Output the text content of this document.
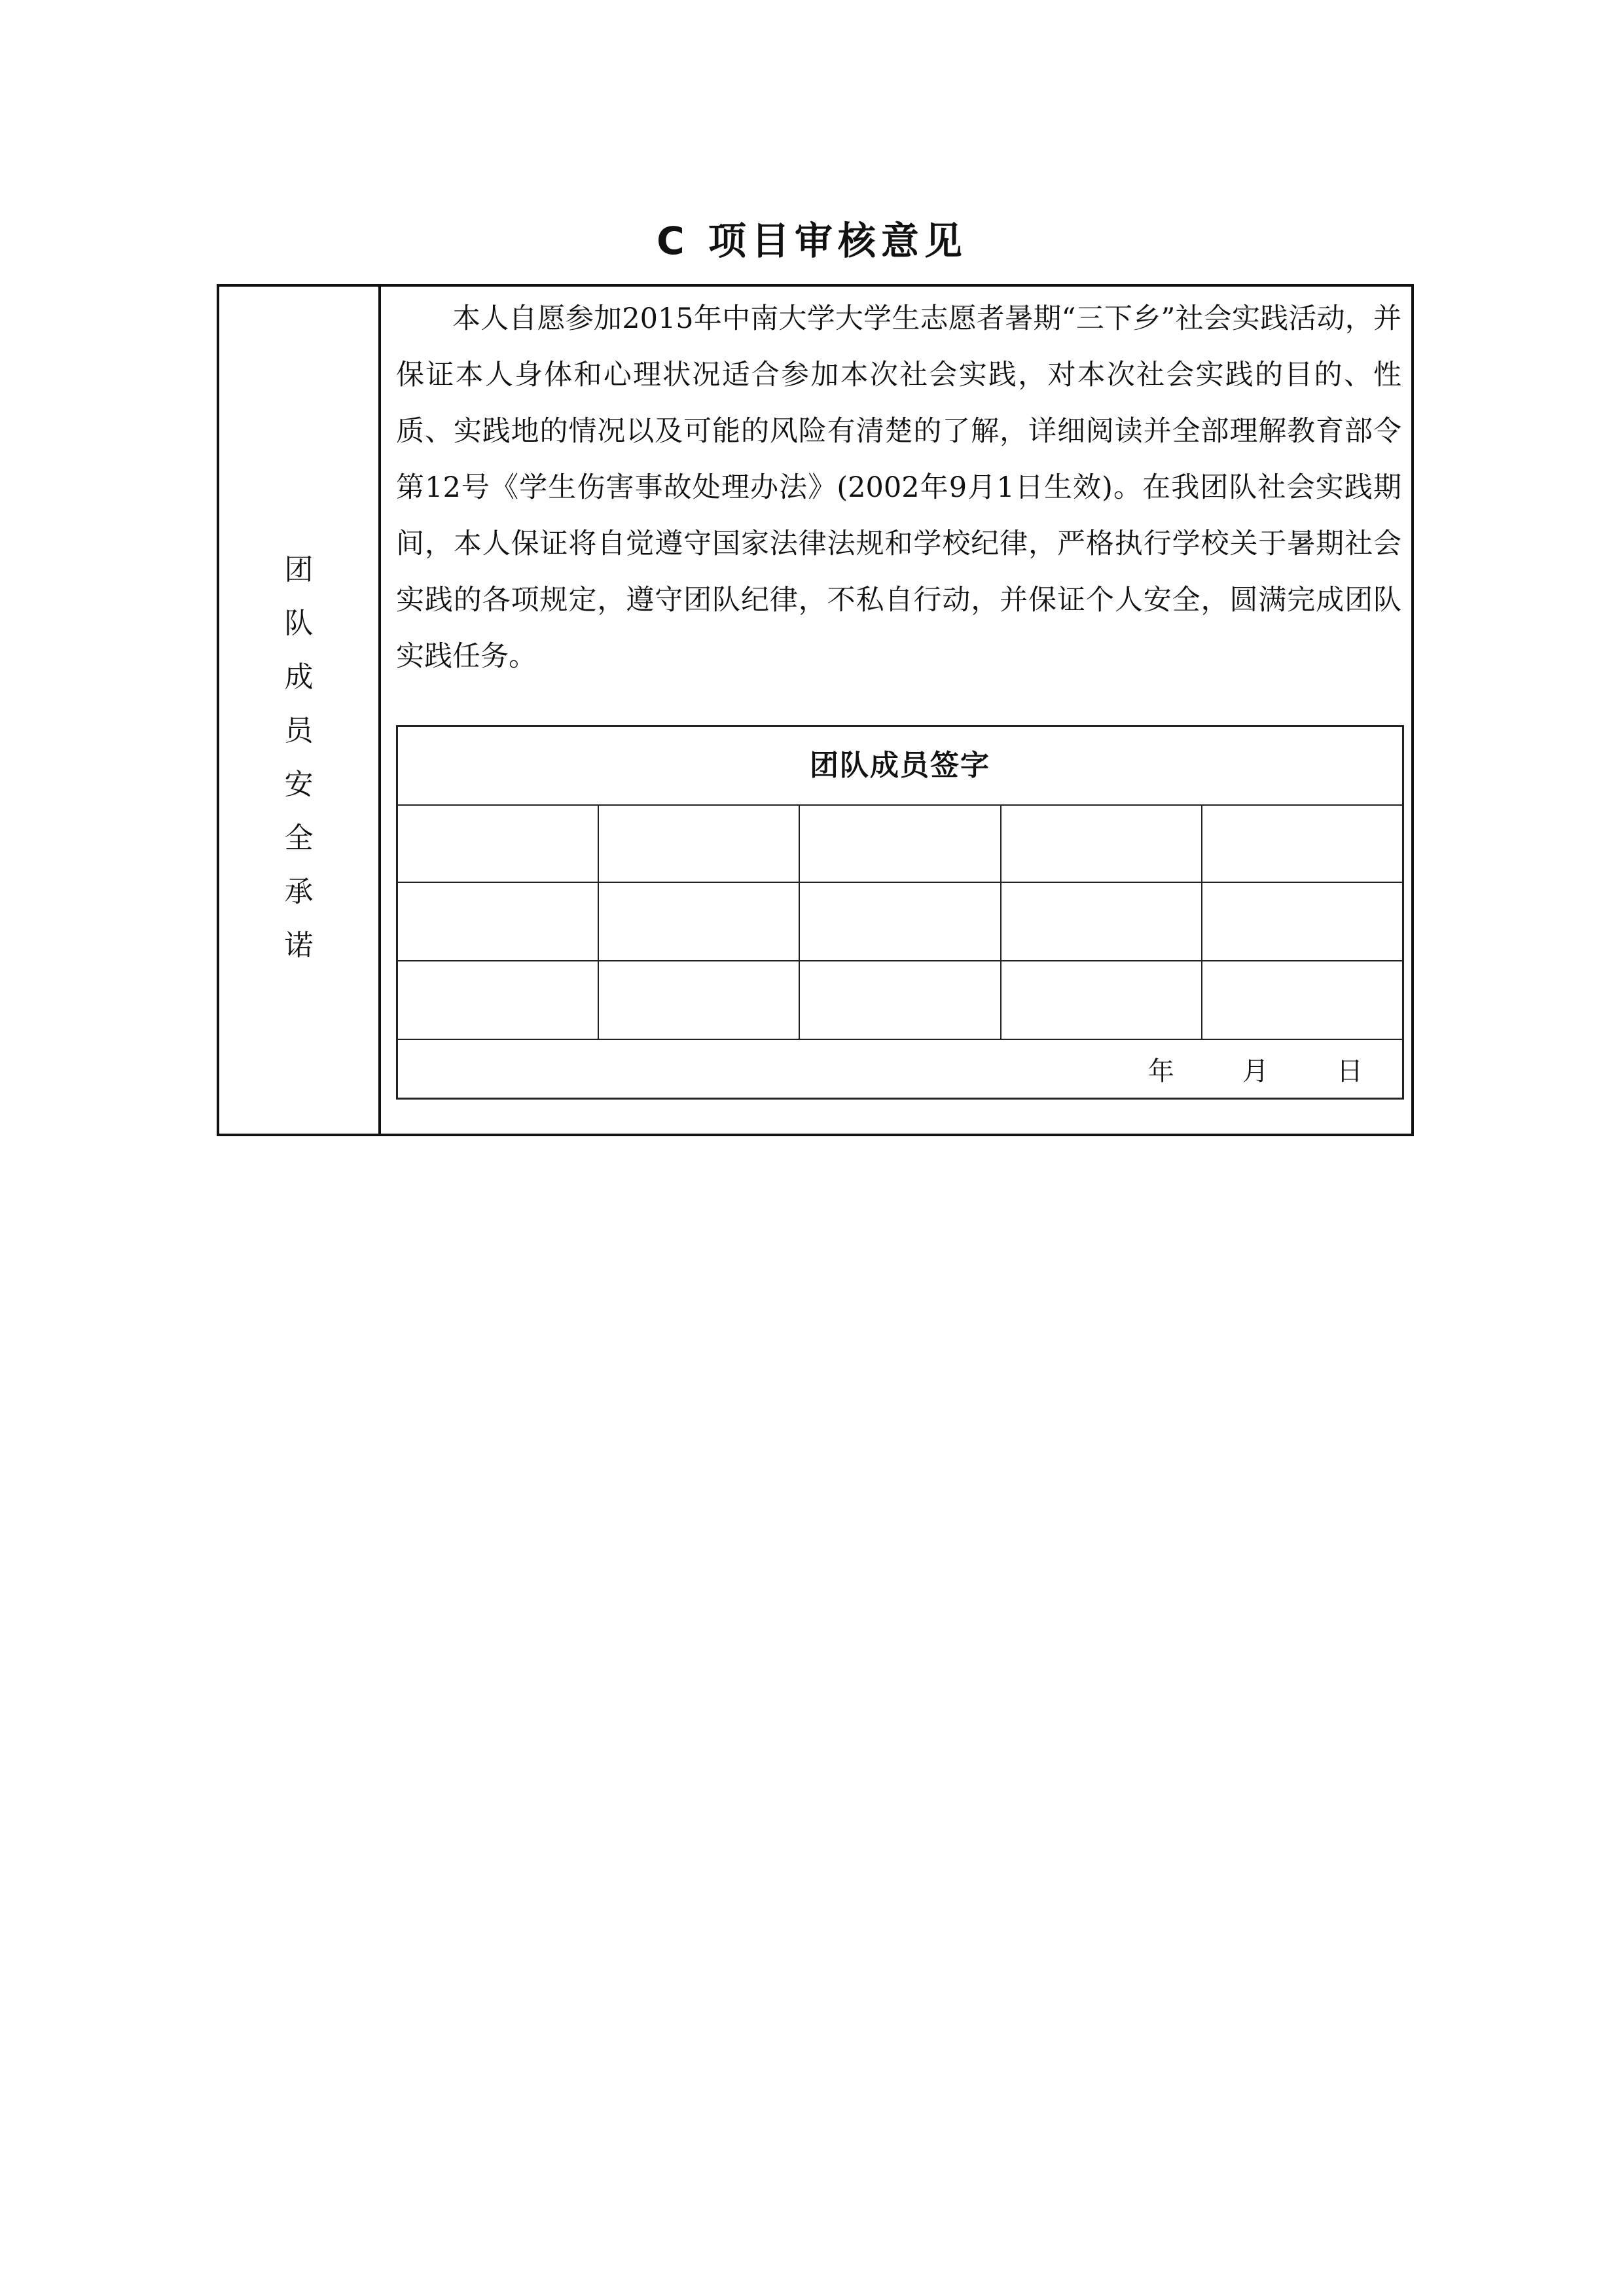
C 项目审核意见
团
队
成
员
安
全
承
诺

本人自愿参加2015年中南大学大学生志愿者暑期“三下乡”社会实践活动，并保证本人身体和心理状况适合参加本次社会实践，对本次社会实践的目的、性质、实践地的情况以及可能的风险有清楚的了解，详细阅读并全部理解教育部令第12号《学生伤害事故处理办法》(2002年9月1日生效)。在我团队社会实践期间，本人保证将自觉遵守国家法律法规和学校纪律，严格执行学校关于暑期社会实践的各项规定，遵守团队纪律，不私自行动，并保证个人安全，圆满完成团队实践任务。

团队成员签字
年	月	日
